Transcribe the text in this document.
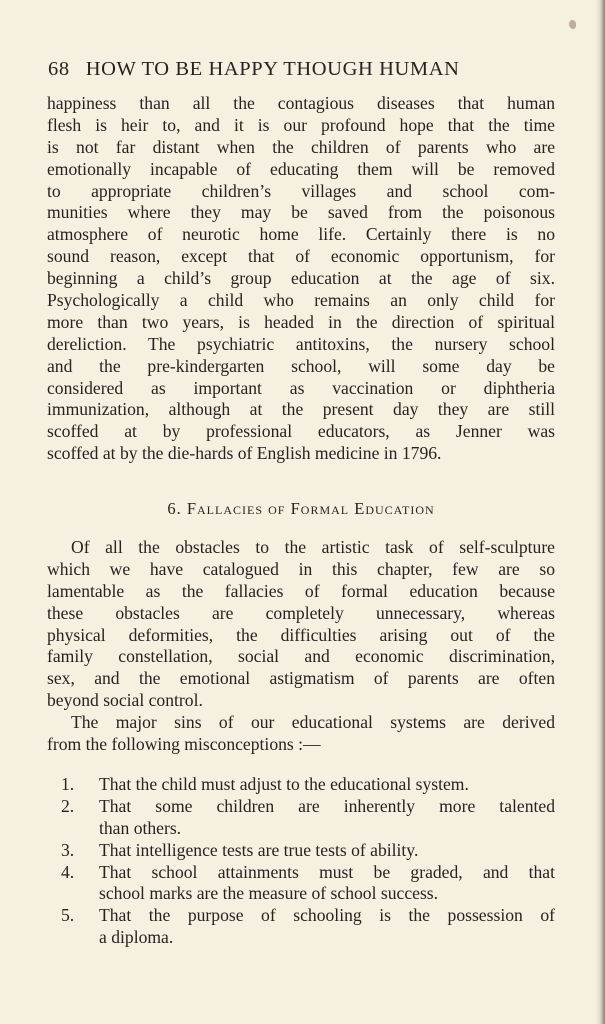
68 HOW TO BE HAPPY THOUGH HUMAN
happiness than all the contagious diseases that human
flesh is heir to, and it is our profound hope that the time
is not far distant when the children of parents who are
emotionally incapable of educating them will be removed
to appropriate children’s villages and school com-
munities where they may be saved from the poisonous
atmosphere of neurotic home life. Certainly there is no
sound reason, except that of economic opportunism, for
beginning a child’s group education at the age of six.
Psychologically a child who remains an only child for
more than two years, is headed in the direction of spiritual
dereliction. The psychiatric antitoxins, the nursery school
and the pre-kindergarten school, will some day be
considered as important as vaccination or diphtheria
immunization, although at the present day they are still
scoffed at by professional educators, as Jenner was
scoffed at by the die-hards of English medicine in 1796.
6. Fallacies of Formal Education
Of all the obstacles to the artistic task of self-sculpture
which we have catalogued in this chapter, few are so
lamentable as the fallacies of formal education because
these obstacles are completely unnecessary, whereas
physical deformities, the difficulties arising out of the
family constellation, social and economic discrimination,
sex, and the emotional astigmatism of parents are often
beyond social control.
The major sins of our educational systems are derived
from the following misconceptions :—
1. That the child must adjust to the educational system.
2. That some children are inherently more talented
than others.
3. That intelligence tests are true tests of ability.
4. That school attainments must be graded, and that
school marks are the measure of school success.
5. That the purpose of schooling is the possession of
a diploma.
